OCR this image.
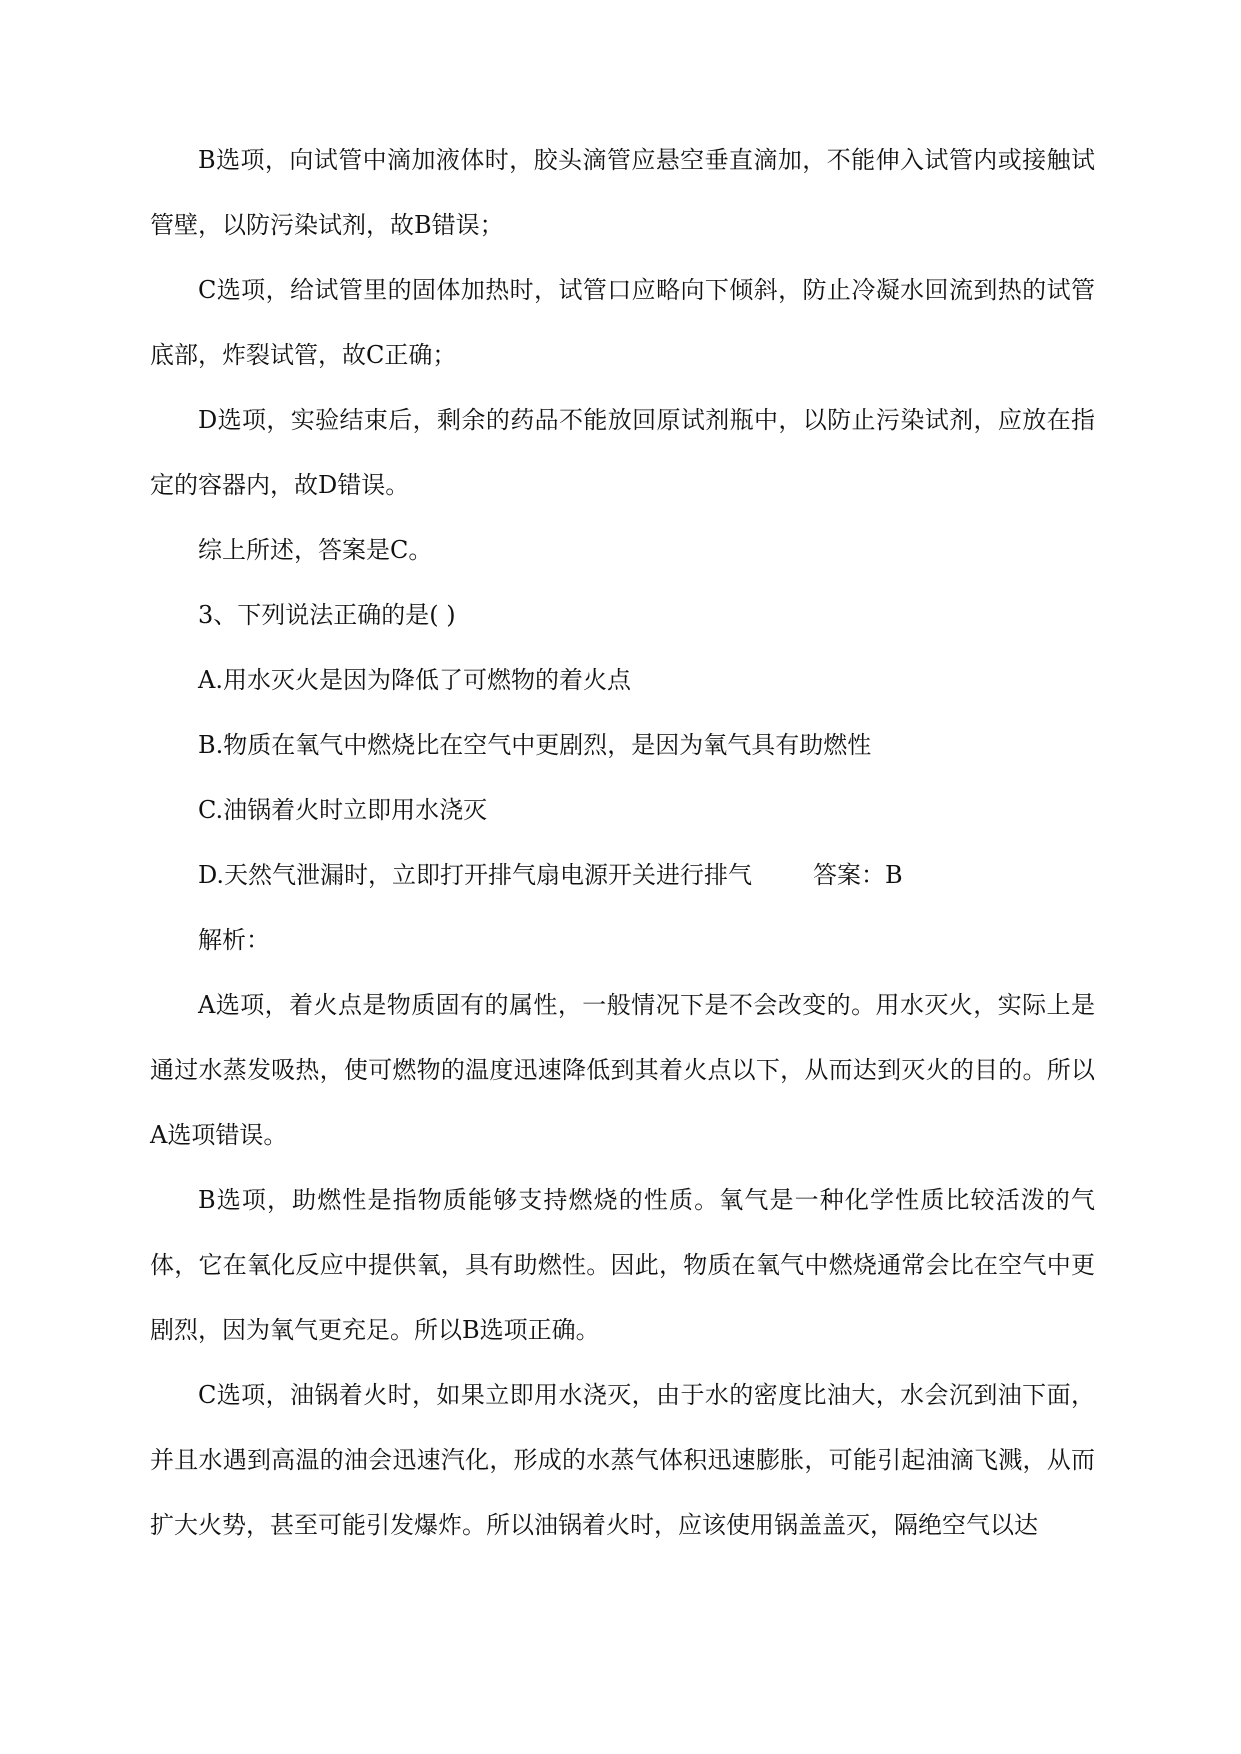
B选项，向试管中滴加液体时，胶头滴管应悬空垂直滴加，不能伸入试管内或接触试管壁，以防污染试剂，故B错误；

C选项，给试管里的固体加热时，试管口应略向下倾斜，防止冷凝水回流到热的试管底部，炸裂试管，故C正确；

D选项，实验结束后，剩余的药品不能放回原试剂瓶中，以防止污染试剂，应放在指定的容器内，故D错误。

综上所述，答案是C。

3、下列说法正确的是( )

A.用水灭火是因为降低了可燃物的着火点

B.物质在氧气中燃烧比在空气中更剧烈，是因为氧气具有助燃性

C.油锅着火时立即用水浇灭

D.天然气泄漏时，立即打开排气扇电源开关进行排气        答案：B

解析：

A选项，着火点是物质固有的属性，一般情况下是不会改变的。用水灭火，实际上是通过水蒸发吸热，使可燃物的温度迅速降低到其着火点以下，从而达到灭火的目的。所以A选项错误。

B选项，助燃性是指物质能够支持燃烧的性质。氧气是一种化学性质比较活泼的气体，它在氧化反应中提供氧，具有助燃性。因此，物质在氧气中燃烧通常会比在空气中更剧烈，因为氧气更充足。所以B选项正确。

C选项，油锅着火时，如果立即用水浇灭，由于水的密度比油大，水会沉到油下面，并且水遇到高温的油会迅速汽化，形成的水蒸气体积迅速膨胀，可能引起油滴飞溅，从而扩大火势，甚至可能引发爆炸。所以油锅着火时，应该使用锅盖盖灭，隔绝空气以达
